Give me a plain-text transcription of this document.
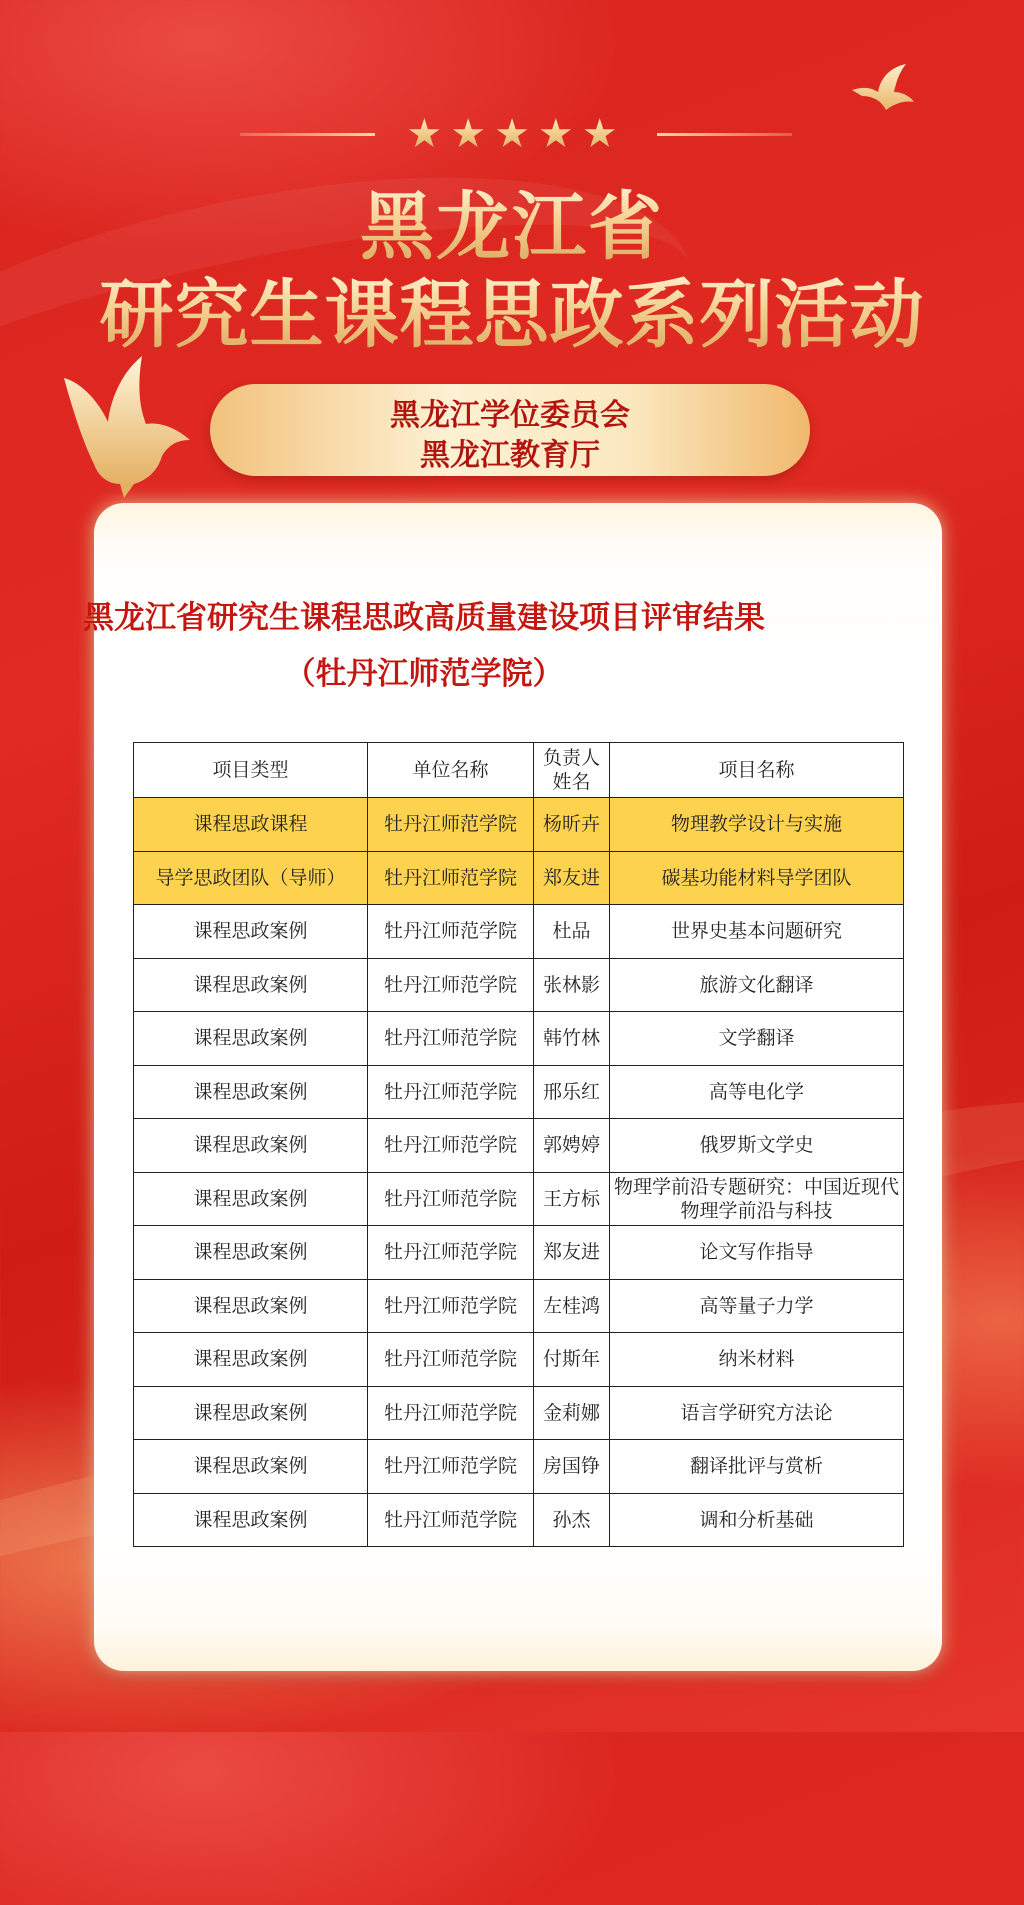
★★★★★
黑龙江省
研究生课程思政系列活动
黑龙江学位委员会
黑龙江教育厅
黑龙江省研究生课程思政高质量建设项目评审结果
（牡丹江师范学院）
项目类型	单位名称	负责人姓名	项目名称
课程思政课程	牡丹江师范学院	杨昕卉	物理教学设计与实施
导学思政团队（导师）	牡丹江师范学院	郑友进	碳基功能材料导学团队
课程思政案例	牡丹江师范学院	杜品	世界史基本问题研究
课程思政案例	牡丹江师范学院	张林影	旅游文化翻译
课程思政案例	牡丹江师范学院	韩竹林	文学翻译
课程思政案例	牡丹江师范学院	邢乐红	高等电化学
课程思政案例	牡丹江师范学院	郭娉婷	俄罗斯文学史
课程思政案例	牡丹江师范学院	王方标	物理学前沿专题研究：中国近现代物理学前沿与科技
课程思政案例	牡丹江师范学院	郑友进	论文写作指导
课程思政案例	牡丹江师范学院	左桂鸿	高等量子力学
课程思政案例	牡丹江师范学院	付斯年	纳米材料
课程思政案例	牡丹江师范学院	金莉娜	语言学研究方法论
课程思政案例	牡丹江师范学院	房国铮	翻译批评与赏析
课程思政案例	牡丹江师范学院	孙杰	调和分析基础
